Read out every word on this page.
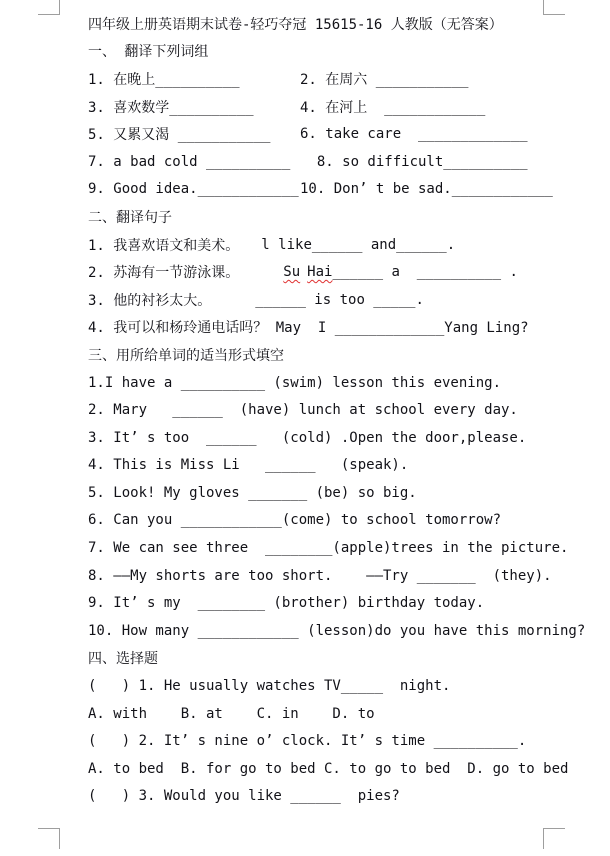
四年级上册英语期末试卷-轻巧夺冠 15615-16 人教版（无答案）
一、 翻译下列词组
1. 在晚上__________	2. 在周六 ___________
3. 喜欢数学__________	4. 在河上  ____________
5. 又累又渴 ___________	6. take care  _____________
7. a bad cold __________ 8. so difficult__________
9. Good idea.____________ 10. Don’ t be sad.____________
二、翻译句子
1. 我喜欢语文和美术。 l like______ and______.
2. 苏海有一节游泳课。	Su Hai______ a  __________ .
3. 他的衬衫太大。	______ is too _____.
4. 我可以和杨玲通电话吗？ May  I _____________Yang Ling?
三、用所给单词的适当形式填空
1.I have a __________ (swim) lesson this evening.
2. Mary   ______  (have) lunch at school every day.
3. It’ s too  ______   (cold) .Open the door,please.
4. This is Miss Li   ______   (speak).
5. Look! My gloves _______ (be) so big.
6. Can you ____________(come) to school tomorrow?
7. We can see three  ________(apple)trees in the picture.
8. ——My shorts are too short.    ——Try _______  (they).
9. It’ s my  ________ (brother) birthday today.
10. How many ____________ (lesson)do you have this morning?
四、选择题
(   ) 1. He usually watches TV_____  night.
A. with    B. at    C. in    D. to
(   ) 2. It’ s nine o’ clock. It’ s time __________.
A. to bed  B. for go to bed C. to go to bed  D. go to bed
(   ) 3. Would you like ______  pies?
